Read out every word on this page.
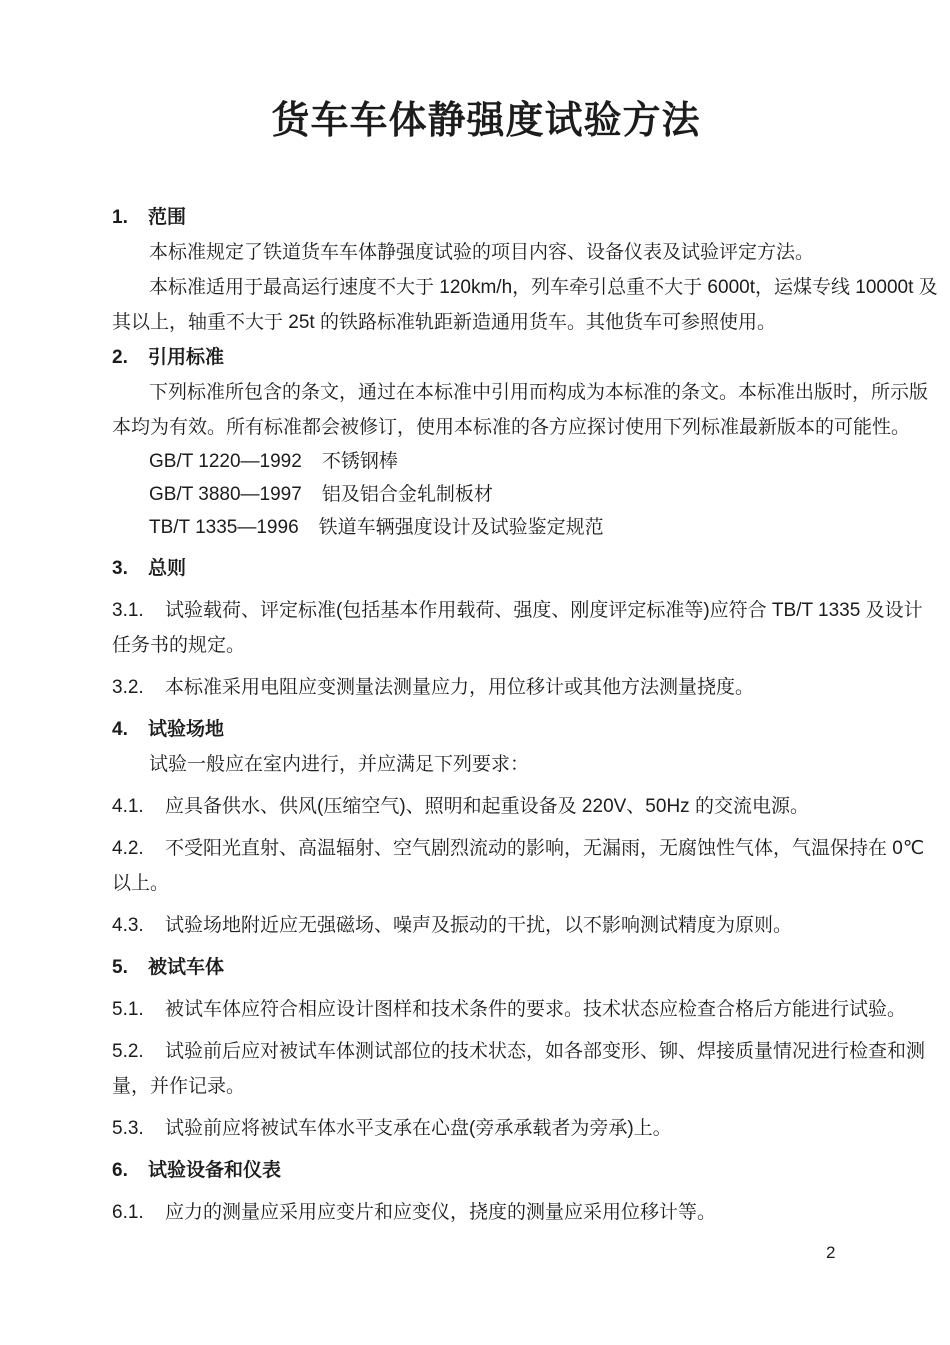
货车车体静强度试验方法
1. 范围
本标准规定了铁道货车车体静强度试验的项目内容、设备仪表及试验评定方法。
本标准适用于最高运行速度不大于 120km/h，列车牵引总重不大于 6000t，运煤专线 10000t 及
其以上，轴重不大于 25t 的铁路标准轨距新造通用货车。其他货车可参照使用。
2. 引用标准
下列标准所包含的条文，通过在本标准中引用而构成为本标准的条文。本标准出版时，所示版
本均为有效。所有标准都会被修订，使用本标准的各方应探讨使用下列标准最新版本的可能性。
GB/T 1220—1992 不锈钢棒
GB/T 3880—1997 铝及铝合金轧制板材
TB/T 1335—1996 铁道车辆强度设计及试验鉴定规范
3. 总则
3.1. 试验载荷、评定标准(包括基本作用载荷、强度、刚度评定标准等)应符合 TB/T 1335 及设计
任务书的规定。
3.2. 本标准采用电阻应变测量法测量应力，用位移计或其他方法测量挠度。
4. 试验场地
试验一般应在室内进行，并应满足下列要求：
4.1. 应具备供水、供风(压缩空气)、照明和起重设备及 220V、50Hz 的交流电源。
4.2. 不受阳光直射、高温辐射、空气剧烈流动的影响，无漏雨，无腐蚀性气体，气温保持在 0℃
以上。
4.3. 试验场地附近应无强磁场、噪声及振动的干扰，以不影响测试精度为原则。
5. 被试车体
5.1. 被试车体应符合相应设计图样和技术条件的要求。技术状态应检查合格后方能进行试验。
5.2. 试验前后应对被试车体测试部位的技术状态，如各部变形、铆、焊接质量情况进行检查和测
量，并作记录。
5.3. 试验前应将被试车体水平支承在心盘(旁承承载者为旁承)上。
6. 试验设备和仪表
6.1. 应力的测量应采用应变片和应变仪，挠度的测量应采用位移计等。
2
